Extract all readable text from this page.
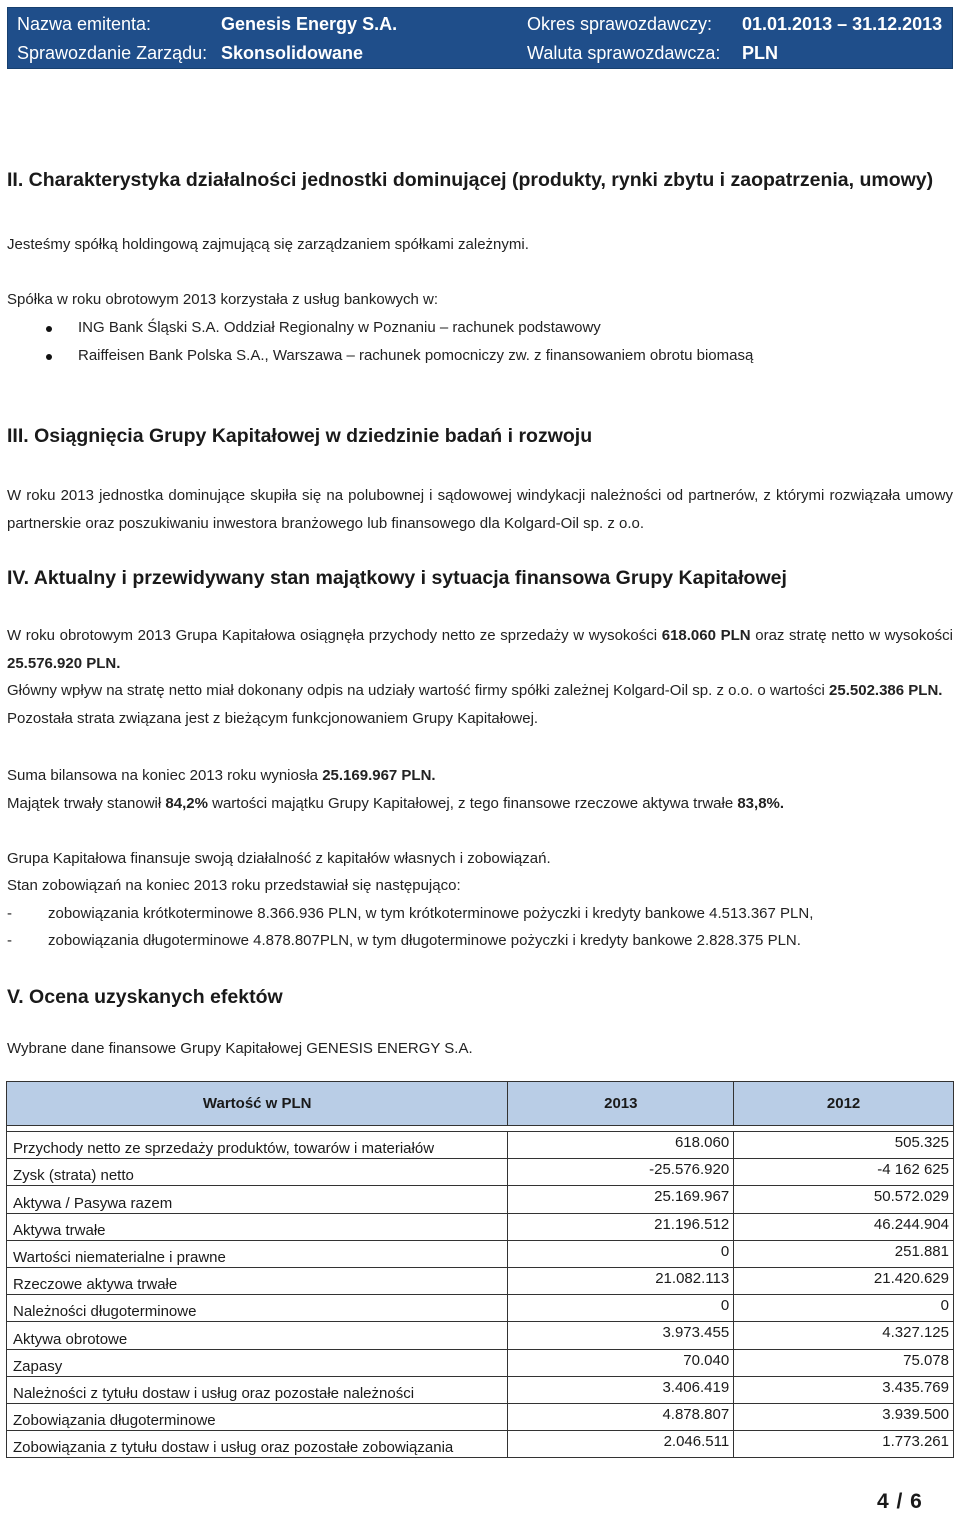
Nazwa emitenta:	Genesis Energy S.A.	Okres sprawozdawczy: 01.01.2013 – 31.12.2013
Sprawozdanie Zarządu: Skonsolidowane	Waluta sprawozdawcza: PLN
II. Charakterystyka działalności jednostki dominującej (produkty, rynki zbytu i zaopatrzenia, umowy)
Jesteśmy spółką holdingową zajmującą się zarządzaniem spółkami zależnymi.
Spółka w roku obrotowym 2013 korzystała z usług bankowych w:
ING Bank Śląski S.A. Oddział Regionalny w Poznaniu – rachunek podstawowy
Raiffeisen Bank Polska S.A., Warszawa – rachunek pomocniczy zw. z finansowaniem obrotu biomasą
III. Osiągnięcia Grupy Kapitałowej w dziedzinie badań i rozwoju
W roku 2013 jednostka dominujące skupiła się na polubownej i sądowowej windykacji należności od partnerów, z którymi rozwiązała umowy partnerskie oraz poszukiwaniu inwestora branżowego lub finansowego dla Kolgard-Oil sp. z o.o.
IV. Aktualny i przewidywany stan majątkowy i sytuacja finansowa Grupy Kapitałowej
W roku obrotowym 2013 Grupa Kapitałowa osiągnęła przychody netto ze sprzedaży w wysokości 618.060 PLN oraz stratę netto w wysokości 25.576.920 PLN.
Główny wpływ na stratę netto miał dokonany odpis na udziały wartość firmy spółki zależnej Kolgard-Oil sp. z o.o. o wartości 25.502.386 PLN. Pozostała strata związana jest z bieżącym funkcjonowaniem Grupy Kapitałowej.
Suma bilansowa na koniec 2013 roku wyniosła 25.169.967 PLN.
Majątek trwały stanowił 84,2% wartości majątku Grupy Kapitałowej, z tego finansowe rzeczowe aktywa trwałe 83,8%.
Grupa Kapitałowa finansuje swoją działalność z kapitałów własnych i zobowiązań.
Stan zobowiązań na koniec 2013 roku przedstawiał się następująco:
- zobowiązania krótkoterminowe 8.366.936 PLN, w tym krótkoterminowe pożyczki i kredyty bankowe 4.513.367 PLN,
- zobowiązania długoterminowe 4.878.807PLN, w tym długoterminowe pożyczki i kredyty bankowe 2.828.375 PLN.
V. Ocena uzyskanych efektów
Wybrane dane finansowe Grupy Kapitałowej GENESIS ENERGY S.A.
Wartość w PLN	2013	2012

Przychody netto ze sprzedaży produktów, towarów i materiałów	618.060	505.325
Zysk (strata) netto	-25.576.920	-4 162 625
Aktywa / Pasywa razem	25.169.967	50.572.029
Aktywa trwałe	21.196.512	46.244.904
Wartości niematerialne i prawne	0	251.881
Rzeczowe aktywa trwałe	21.082.113	21.420.629
Należności długoterminowe	0	0
Aktywa obrotowe	3.973.455	4.327.125
Zapasy	70.040	75.078
Należności z tytułu dostaw i usług oraz pozostałe należności	3.406.419	3.435.769
Zobowiązania długoterminowe	4.878.807	3.939.500
Zobowiązania z tytułu dostaw i usług oraz pozostałe zobowiązania	2.046.511	1.773.261
4 / 6
